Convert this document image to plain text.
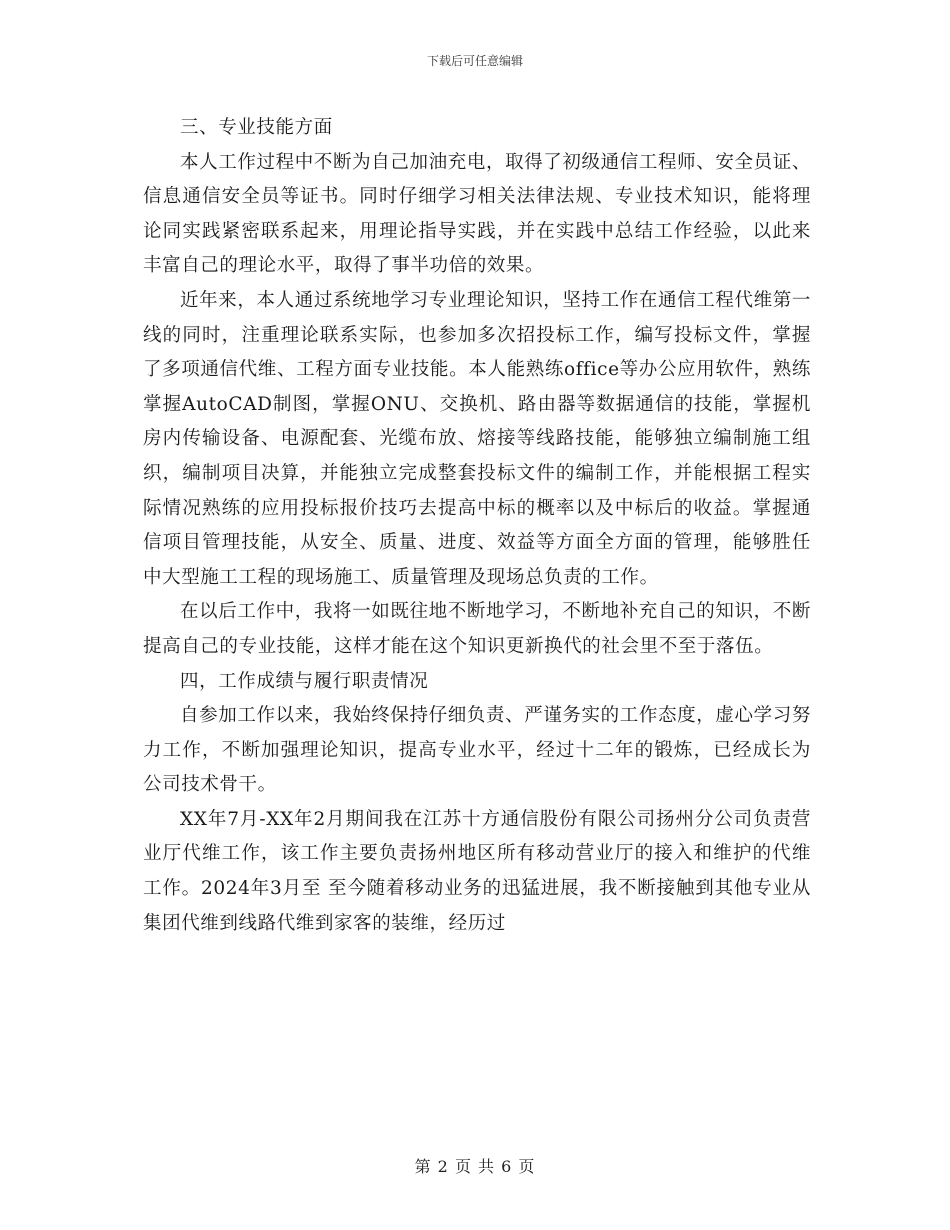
下载后可任意编辑

三、专业技能方面

本人工作过程中不断为自己加油充电，取得了初级通信工程师、安全员证、信息通信安全员等证书。同时仔细学习相关法律法规、专业技术知识，能将理论同实践紧密联系起来，用理论指导实践，并在实践中总结工作经验，以此来丰富自己的理论水平，取得了事半功倍的效果。

近年来，本人通过系统地学习专业理论知识，坚持工作在通信工程代维第一线的同时，注重理论联系实际，也参加多次招投标工作，编写投标文件，掌握了多项通信代维、工程方面专业技能。本人能熟练office等办公应用软件，熟练掌握AutoCAD制图，掌握ONU、交换机、路由器等数据通信的技能，掌握机房内传输设备、电源配套、光缆布放、熔接等线路技能，能够独立编制施工组织，编制项目决算，并能独立完成整套投标文件的编制工作，并能根据工程实际情况熟练的应用投标报价技巧去提高中标的概率以及中标后的收益。掌握通信项目管理技能，从安全、质量、进度、效益等方面全方面的管理，能够胜任中大型施工工程的现场施工、质量管理及现场总负责的工作。

在以后工作中，我将一如既往地不断地学习，不断地补充自己的知识，不断提高自己的专业技能，这样才能在这个知识更新换代的社会里不至于落伍。

四，工作成绩与履行职责情况

自参加工作以来，我始终保持仔细负责、严谨务实的工作态度，虚心学习努力工作，不断加强理论知识，提高专业水平，经过十二年的锻炼，已经成长为公司技术骨干。

XX年7月-XX年2月期间我在江苏十方通信股份有限公司扬州分公司负责营业厅代维工作，该工作主要负责扬州地区所有移动营业厅的接入和维护的代维工作。2024年3月至 至今随着移动业务的迅猛进展，我不断接触到其他专业从集团代维到线路代维到家客的装维，经历过

第 2 页 共 6 页
